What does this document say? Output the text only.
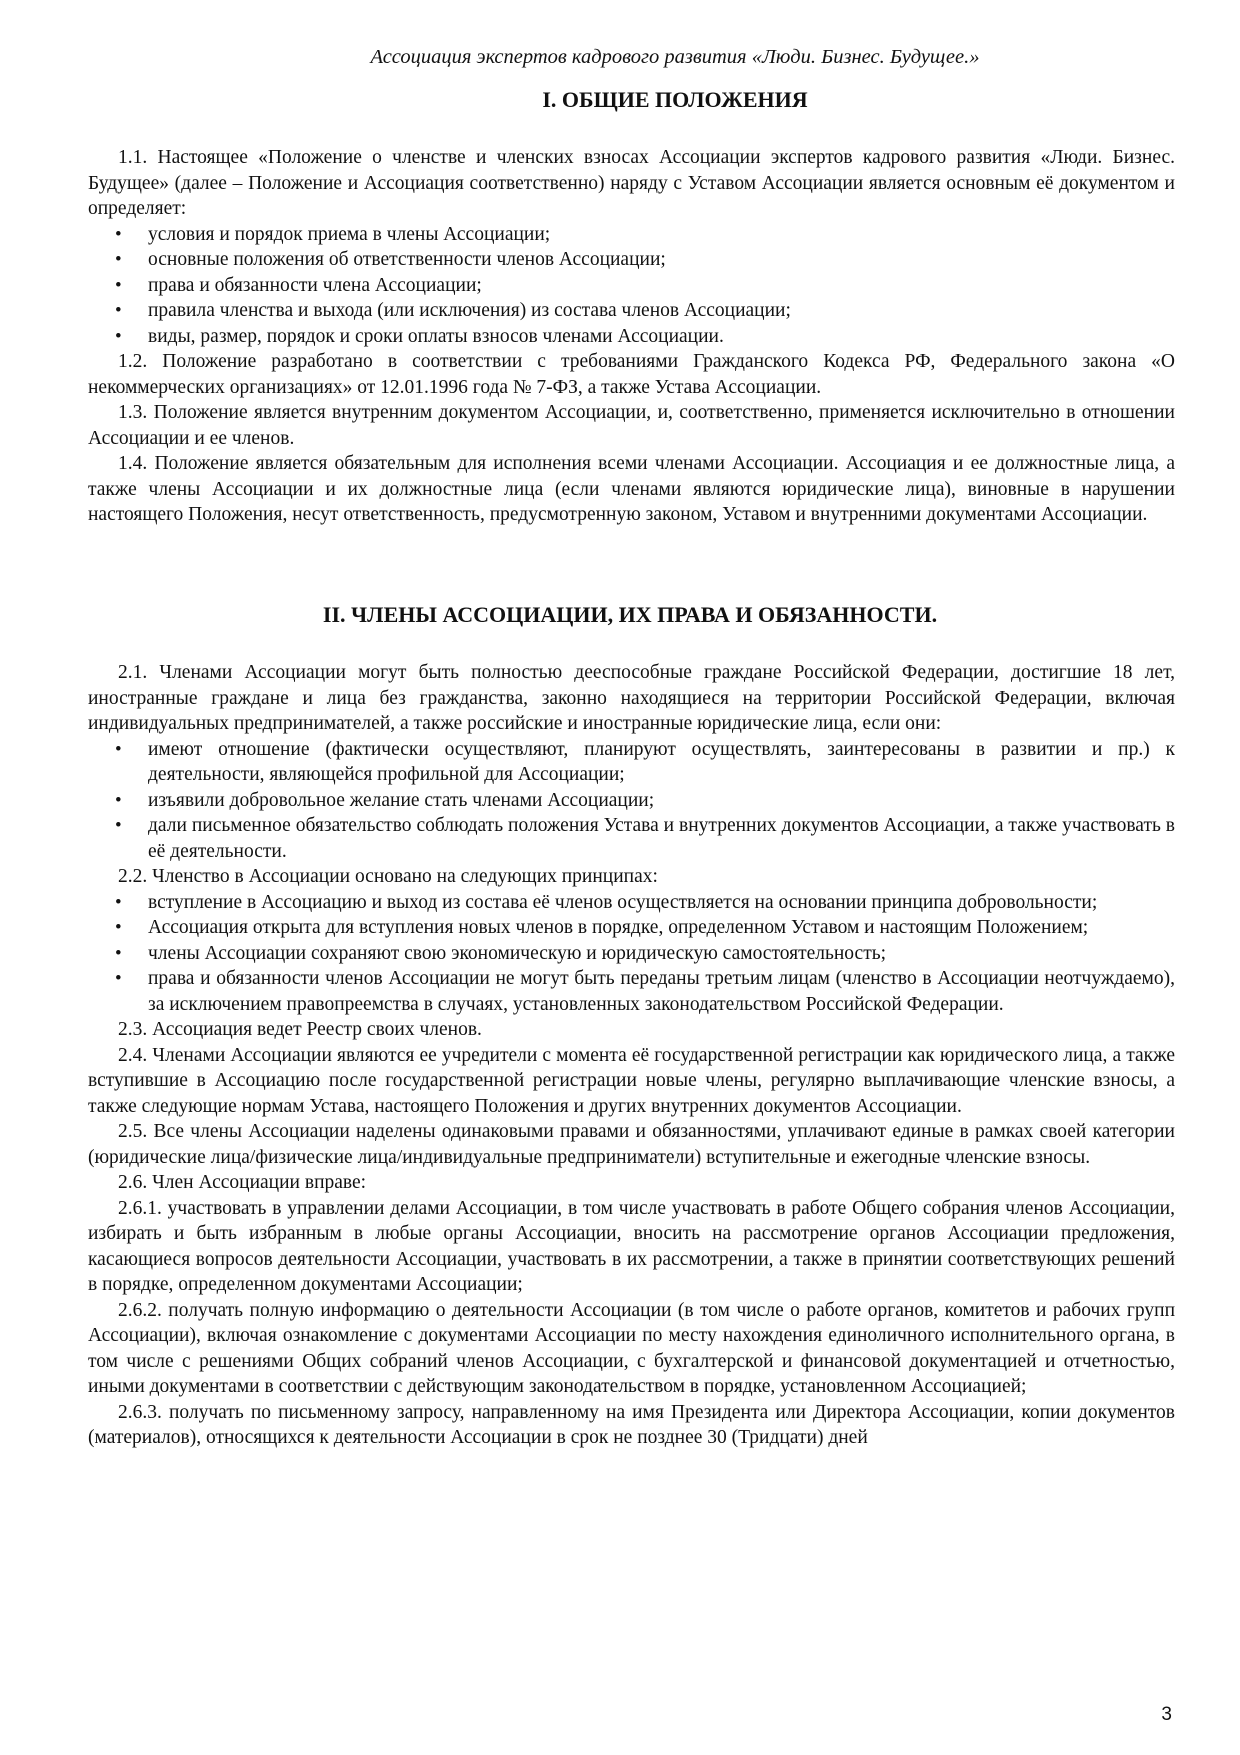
Ассоциация экспертов кадрового развития «Люди. Бизнес. Будущее.»
I. ОБЩИЕ ПОЛОЖЕНИЯ

1.1. Настоящее «Положение о членстве и членских взносах Ассоциации экспертов кадрового развития «Люди. Бизнес. Будущее» (далее – Положение и Ассоциация соответственно) наряду с Уставом Ассоциации является основным её документом и определяет:

• условия и порядок приема в члены Ассоциации;
• основные положения об ответственности членов Ассоциации;
• права и обязанности члена Ассоциации;
• правила членства и выхода (или исключения) из состава членов Ассоциации;
• виды, размер, порядок и сроки оплаты взносов членами Ассоциации.

1.2. Положение разработано в соответствии с требованиями Гражданского Кодекса РФ, Федерального закона «О некоммерческих организациях» от 12.01.1996 года № 7-ФЗ, а также Устава Ассоциации.

1.3. Положение является внутренним документом Ассоциации, и, соответственно, применяется исключительно в отношении Ассоциации и ее членов.

1.4. Положение является обязательным для исполнения всеми членами Ассоциации. Ассоциация и ее должностные лица, а также члены Ассоциации и их должностные лица (если членами являются юридические лица), виновные в нарушении настоящего Положения, несут ответственность, предусмотренную законом, Уставом и внутренними документами Ассоциации.

II. ЧЛЕНЫ АССОЦИАЦИИ, ИХ ПРАВА И ОБЯЗАННОСТИ.

2.1. Членами Ассоциации могут быть полностью дееспособные граждане Российской Федерации, достигшие 18 лет, иностранные граждане и лица без гражданства, законно находящиеся на территории Российской Федерации, включая индивидуальных предпринимателей, а также российские и иностранные юридические лица, если они:

• имеют отношение (фактически осуществляют, планируют осуществлять, заинтересованы в развитии и пр.) к деятельности, являющейся профильной для Ассоциации;
• изъявили добровольное желание стать членами Ассоциации;
• дали письменное обязательство соблюдать положения Устава и внутренних документов Ассоциации, а также участвовать в её деятельности.

2.2. Членство в Ассоциации основано на следующих принципах:

• вступление в Ассоциацию и выход из состава её членов осуществляется на основании принципа добровольности;
• Ассоциация открыта для вступления новых членов в порядке, определенном Уставом и настоящим Положением;
• члены Ассоциации сохраняют свою экономическую и юридическую самостоятельность;
• права и обязанности членов Ассоциации не могут быть переданы третьим лицам (членство в Ассоциации неотчуждаемо), за исключением правопреемства в случаях, установленных законодательством Российской Федерации.

2.3. Ассоциация ведет Реестр своих членов.

2.4. Членами Ассоциации являются ее учредители с момента её государственной регистрации как юридического лица, а также вступившие в Ассоциацию после государственной регистрации новые члены, регулярно выплачивающие членские взносы, а также следующие нормам Устава, настоящего Положения и других внутренних документов Ассоциации.

2.5. Все члены Ассоциации наделены одинаковыми правами и обязанностями, уплачивают единые в рамках своей категории (юридические лица/физические лица/индивидуальные предприниматели) вступительные и ежегодные членские взносы.

2.6. Член Ассоциации вправе:

2.6.1. участвовать в управлении делами Ассоциации, в том числе участвовать в работе Общего собрания членов Ассоциации, избирать и быть избранным в любые органы Ассоциации, вносить на рассмотрение органов Ассоциации предложения, касающиеся вопросов деятельности Ассоциации, участвовать в их рассмотрении, а также в принятии соответствующих решений в порядке, определенном документами Ассоциации;

2.6.2. получать полную информацию о деятельности Ассоциации (в том числе о работе органов, комитетов и рабочих групп Ассоциации), включая ознакомление с документами Ассоциации по месту нахождения единоличного исполнительного органа, в том числе с решениями Общих собраний членов Ассоциации, с бухгалтерской и финансовой документацией и отчетностью, иными документами в соответствии с действующим законодательством в порядке, установленном Ассоциацией;

2.6.3. получать по письменному запросу, направленному на имя Президента или Директора Ассоциации, копии документов (материалов), относящихся к деятельности Ассоциации в срок не позднее 30 (Тридцати) дней

3
